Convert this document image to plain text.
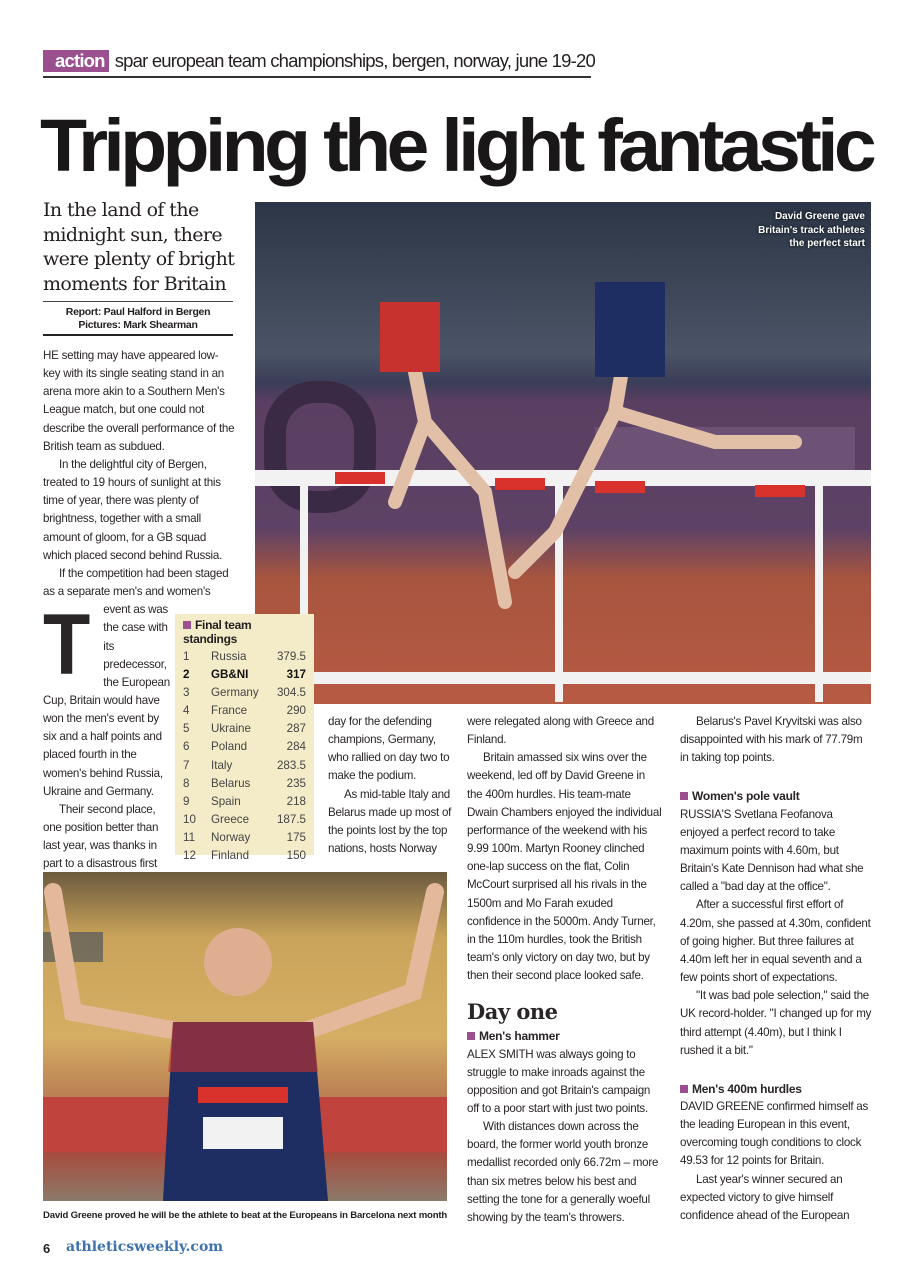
action spar european team championships, bergen, norway, june 19-20
Tripping the light fantastic
In the land of the midnight sun, there were plenty of bright moments for Britain
Report: Paul Halford in Bergen
Pictures: Mark Shearman

T
HE setting may have appeared low-key with its single seating stand in an arena more akin to a Southern Men's League match, but one could not describe the overall performance of the British team as subdued.

In the delightful city of Bergen, treated to 19 hours of sunlight at this time of year, there was plenty of brightness, together with a small amount of gloom, for a GB squad which placed second behind Russia.

If the competition had been staged as a separate men's and women's event as was the case with its predecessor, the European Cup, Britain would have won the men's event by six and a half points and placed fourth in the women's behind Russia, Ukraine and Germany.

Their second place, one position better than last year, was thanks in part to a disastrous first

David Greene gave Britain's track athletes the perfect start
Final team standings
1	Russia	379.5
2	GB&NI	317
3	Germany	304.5
4	France	290
5	Ukraine	287
6	Poland	284
7	Italy	283.5
8	Belarus	235
9	Spain	218
10	Greece	187.5
11	Norway	175
12	Finland	150

day for the defending champions, Germany, who rallied on day two to make the podium.

As mid-table Italy and Belarus made up most of the points lost by the top nations, hosts Norway

David Greene proved he will be the athlete to beat at the Europeans in Barcelona next month

were relegated along with Greece and Finland.

Britain amassed six wins over the weekend, led off by David Greene in the 400m hurdles. His team-mate Dwain Chambers enjoyed the individual performance of the weekend with his 9.99 100m. Martyn Rooney clinched one-lap success on the flat, Colin McCourt surprised all his rivals in the 1500m and Mo Farah exuded confidence in the 5000m. Andy Turner, in the 110m hurdles, took the British team's only victory on day two, but by then their second place looked safe.

Day one
Men's hammer

ALEX SMITH was always going to struggle to make inroads against the opposition and got Britain's campaign off to a poor start with just two points.

With distances down across the board, the former world youth bronze medallist recorded only 66.72m – more than six metres below his best and setting the tone for a generally woeful showing by the team's throwers.

Belarus's Pavel Kryvitski was also disappointed with his mark of 77.79m in taking top points.

Women's pole vault

RUSSIA'S Svetlana Feofanova enjoyed a perfect record to take maximum points with 4.60m, but Britain's Kate Dennison had what she called a "bad day at the office".

After a successful first effort of 4.20m, she passed at 4.30m, confident of going higher. But three failures at 4.40m left her in equal seventh and a few points short of expectations.

"It was bad pole selection," said the UK record-holder. "I changed up for my third attempt (4.40m), but I think I rushed it a bit."

Men's 400m hurdles

DAVID GREENE confirmed himself as the leading European in this event, overcoming tough conditions to clock 49.53 for 12 points for Britain.

Last year's winner secured an expected victory to give himself confidence ahead of the European

6 athleticsweekly.com
